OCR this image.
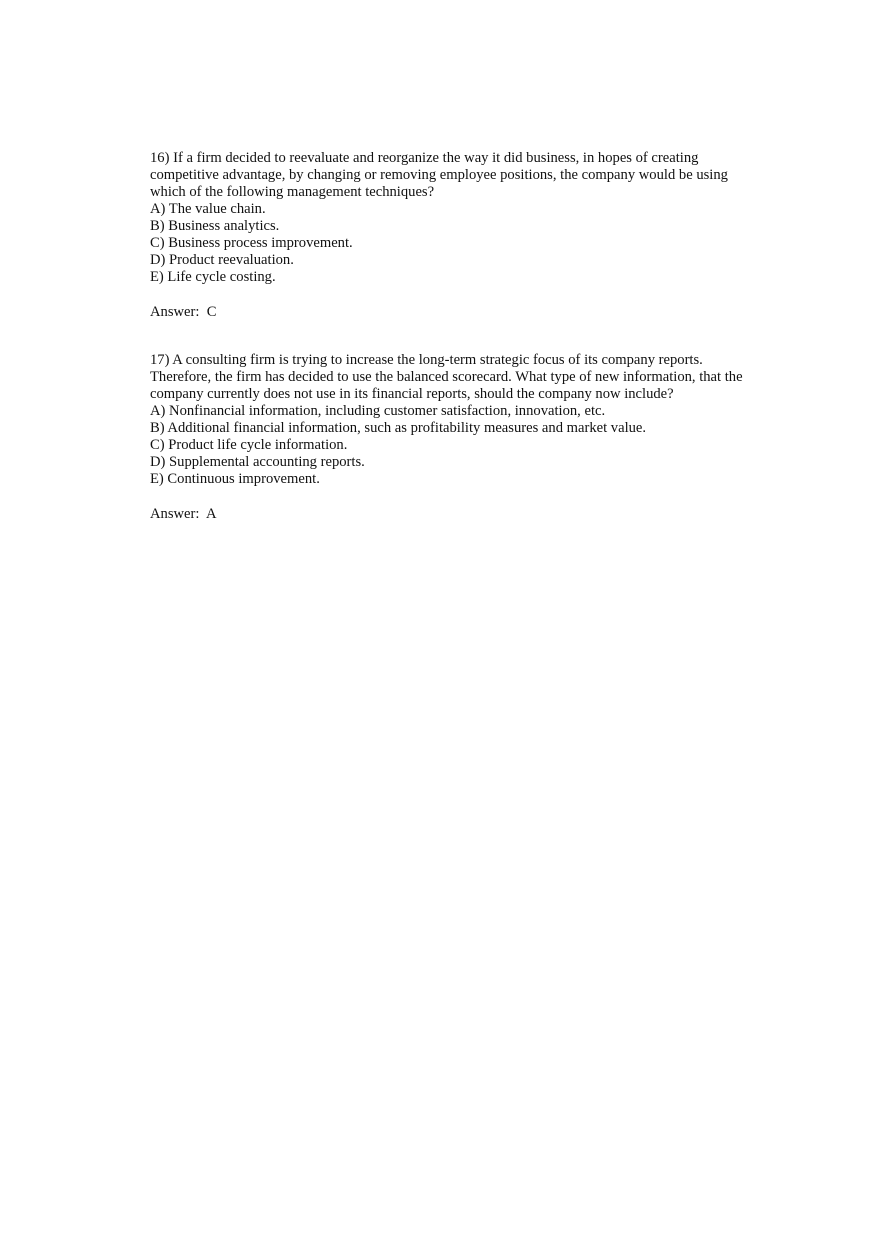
16) If a firm decided to reevaluate and reorganize the way it did business, in hopes of creating competitive advantage, by changing or removing employee positions, the company would be using which of the following management techniques?

A) The value chain.
B) Business analytics.
C) Business process improvement.
D) Product reevaluation.
E) Life cycle costing.
Answer:  C

17) A consulting firm is trying to increase the long-term strategic focus of its company reports. Therefore, the firm has decided to use the balanced scorecard. What type of new information, that the company currently does not use in its financial reports, should the company now include?

A) Nonfinancial information, including customer satisfaction, innovation, etc.
B) Additional financial information, such as profitability measures and market value.
C) Product life cycle information.
D) Supplemental accounting reports.
E) Continuous improvement.
Answer:  A
